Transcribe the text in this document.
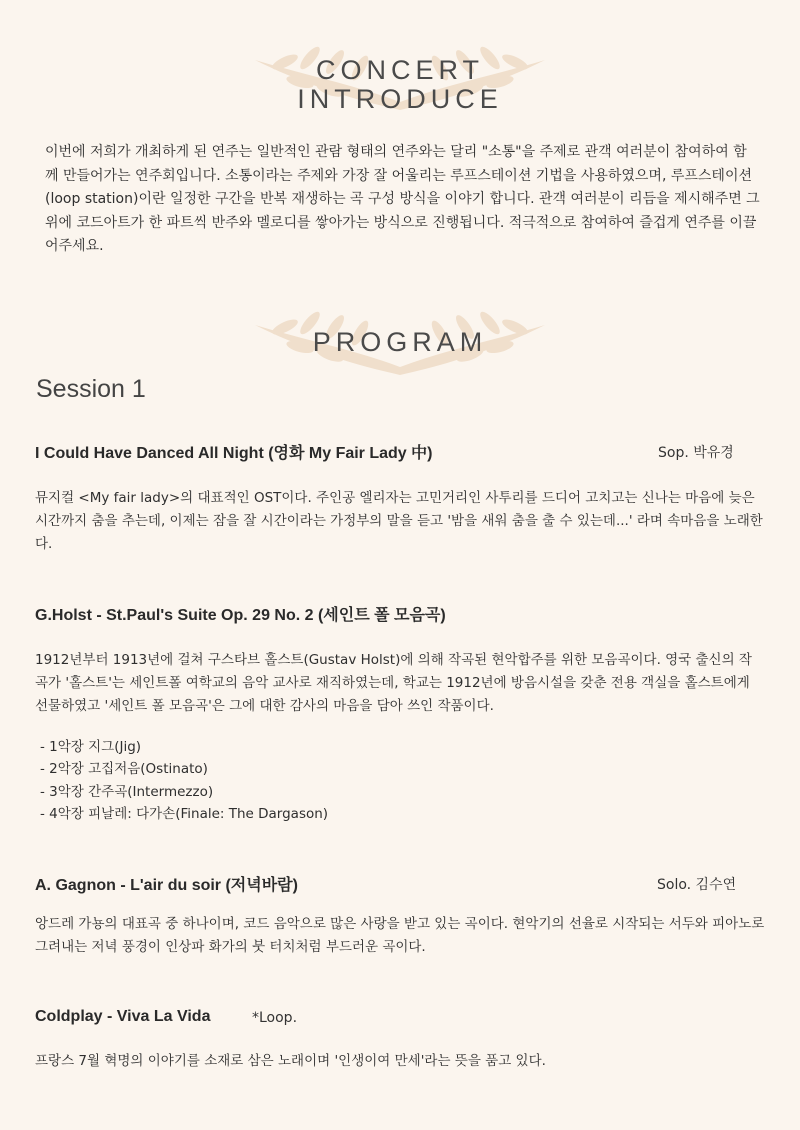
CONCERT
INTRODUCE

이번에 저희가 개최하게 된 연주는 일반적인 관람 형태의 연주와는 달리 "소통"을 주제로 관객 여러분이 참여하여 함께 만들어가는 연주회입니다. 소통이라는 주제와 가장 잘 어울리는 루프스테이션 기법을 사용하였으며, 루프스테이션(loop station)이란 일정한 구간을 반복 재생하는 곡 구성 방식을 이야기 합니다. 관객 여러분이 리듬을 제시해주면 그 위에 코드아트가 한 파트씩 반주와 멜로디를 쌓아가는 방식으로 진행됩니다. 적극적으로 참여하여 즐겁게 연주를 이끌어주세요.

PROGRAM
Session 1
I Could Have Danced All Night (영화 My Fair Lady 中)	Sop. 박유경

뮤지컬 <My fair lady>의 대표적인 OST이다. 주인공 엘리자는 고민거리인 사투리를 드디어 고치고는 신나는 마음에 늦은 시간까지 춤을 추는데, 이제는 잠을 잘 시간이라는 가정부의 말을 듣고 '밤을 새워 춤을 출 수 있는데...' 라며 속마음을 노래한다.

G.Holst - St.Paul's Suite Op. 29 No. 2 (세인트 폴 모음곡)

1912년부터 1913년에 걸쳐 구스타브 홀스트(Gustav Holst)에 의해 작곡된 현악합주를 위한 모음곡이다. 영국 출신의 작곡가 '홀스트'는 세인트폴 여학교의 음악 교사로 재직하였는데, 학교는 1912년에 방음시설을 갖춘 전용 객실을 홀스트에게 선물하였고 '세인트 폴 모음곡'은 그에 대한 감사의 마음을 담아 쓰인 작품이다.

- 1악장 지그(Jig)
- 2악장 고집저음(Ostinato)
- 3악장 간주곡(Intermezzo)
- 4악장 피날레: 다가손(Finale: The Dargason)
A. Gagnon - L'air du soir (저녁바람)	Solo. 김수연

앙드레 가뇽의 대표곡 중 하나이며, 코드 음악으로 많은 사랑을 받고 있는 곡이다. 현악기의 선율로 시작되는 서두와 피아노로 그려내는 저녁 풍경이 인상파 화가의 붓 터치처럼 부드러운 곡이다.

Coldplay - Viva La Vida	*Loop.

프랑스 7월 혁명의 이야기를 소재로 삼은 노래이며 '인생이여 만세'라는 뜻을 품고 있다.
